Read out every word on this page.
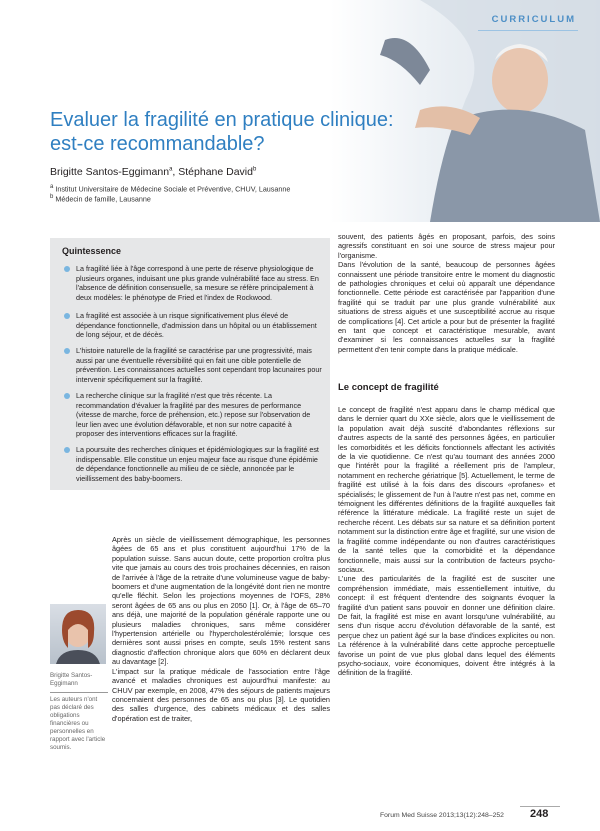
CURRICULUM
Evaluer la fragilité en pratique clinique:
est-ce recommandable?
Brigitte Santos-Eggimann$^a$, Stéphane David$^b$
$^a$ Institut Universitaire de Médecine Sociale et Préventive, CHUV, Lausanne
$^b$ Médecin de famille, Lausanne
Quintessence
La fragilité liée à l'âge correspond à une perte de réserve physiologique de plusieurs organes, induisant une plus grande vulnérabilité face au stress. En l'absence de définition consensuelle, sa mesure se réfère principalement à deux modèles: le phénotype de Fried et l'index de Rockwood.
La fragilité est associée à un risque significativement plus élevé de dépendance fonctionnelle, d'admission dans un hôpital ou un établissement de long séjour, et de décès.
L'histoire naturelle de la fragilité se caractérise par une progressivité, mais aussi par une éventuelle réversibilité qui en fait une cible potentielle de prévention. Les connaissances actuelles sont cependant trop lacunaires pour intervenir spécifiquement sur la fragilité.
La recherche clinique sur la fragilité n'est que très récente. La recommandation d'évaluer la fragilité par des mesures de performance (vitesse de marche, force de préhension, etc.) repose sur l'observation de leur lien avec une évolution défavorable, et non sur notre capacité à proposer des interventions efficaces sur la fragilité.
La poursuite des recherches cliniques et épidémiologiques sur la fragilité est indispensable. Elle constitue un enjeu majeur face au risque d'une épidémie de dépendance fonctionnelle au milieu de ce siècle, annoncée par le vieillissement des baby-boomers.

Après un siècle de vieillissement démographique, les personnes âgées de 65 ans et plus constituent aujourd'hui 17% de la population suisse. Sans aucun doute, cette proportion croîtra plus vite que jamais au cours des trois prochaines décennies, en raison de l'arrivée à l'âge de la retraite d'une volumineuse vague de baby-boomers et d'une augmentation de la longévité dont rien ne montre qu'elle fléchit. Selon les projections moyennes de l'OFS, 28% seront âgées de 65 ans ou plus en 2050 [1]. Or, à l'âge de 65–70 ans déjà, une majorité de la population générale rapporte une ou plusieurs maladies chroniques, sans même considérer l'hypertension artérielle ou l'hypercholestérolémie; lorsque ces dernières sont aussi prises en compte, seuls 15% restent sans diagnostic d'affection chronique alors que 60% en déclarent deux au davantage [2].

L'impact sur la pratique médicale de l'association entre l'âge avancé et maladies chroniques est aujourd'hui manifeste: au CHUV par exemple, en 2008, 47% des séjours de patients majeurs concernaient des personnes de 65 ans ou plus [3]. Le quotidien des salles d'urgence, des cabinets médicaux et des salles d'opération est de traiter,

Brigitte Santos-Eggimann
Les auteurs n'ont pas déclaré des obligations financières ou personnelles en rapport avec l'article soumis.

souvent, des patients âgés en proposant, parfois, des soins agressifs constituant en soi une source de stress majeur pour l'organisme.

Dans l'évolution de la santé, beaucoup de personnes âgées connaissent une période transitoire entre le moment du diagnostic de pathologies chroniques et celui où apparaît une dépendance fonctionnelle. Cette période est caractérisée par l'apparition d'une fragilité qui se traduit par une plus grande vulnérabilité aux situations de stress aiguës et une susceptibilité accrue au risque de complications [4]. Cet article a pour but de présenter la fragilité en tant que concept et caractéristique mesurable, avant d'examiner si les connaissances actuelles sur la fragilité permettent d'en tenir compte dans la pratique médicale.

Le concept de fragilité

Le concept de fragilité n'est apparu dans le champ médical que dans le dernier quart du XXe siècle, alors que le vieillissement de la population avait déjà suscité d'abondantes réflexions sur d'autres aspects de la santé des personnes âgées, en particulier les comorbidités et les déficits fonctionnels affectant les activités de la vie quotidienne. Ce n'est qu'au tournant des années 2000 que l'intérêt pour la fragilité a réellement pris de l'ampleur, notamment en recherche gériatrique [5]. Actuellement, le terme de fragilité est utilisé à la fois dans des discours «profanes» et spécialisés; le glissement de l'un à l'autre n'est pas net, comme en témoignent les différentes définitions de la fragilité auxquelles fait référence la littérature médicale. La fragilité reste un sujet de recherche récent. Les débats sur sa nature et sa définition portent notamment sur la distinction entre âge et fragilité, sur une vision de la fragilité comme indépendante ou non d'autres caractéristiques de la santé telles que la comorbidité et la dépendance fonctionnelle, mais aussi sur la contribution de facteurs psycho-sociaux.

L'une des particularités de la fragilité est de susciter une compréhension immédiate, mais essentiellement intuitive, du concept: il est fréquent d'entendre des soignants évoquer la fragilité d'un patient sans pouvoir en donner une définition claire. De fait, la fragilité est mise en avant lorsqu'une vulnérabilité, au sens d'un risque accru d'évolution défavorable de la santé, est perçue chez un patient âgé sur la base d'indices explicites ou non. La référence à la vulnérabilité dans cette approche perceptuelle favorise un point de vue plus global dans lequel des éléments psycho-sociaux, voire économiques, doivent être intégrés à la définition de la fragilité.

Forum Med Suisse 2013;13(12):248–252 248
